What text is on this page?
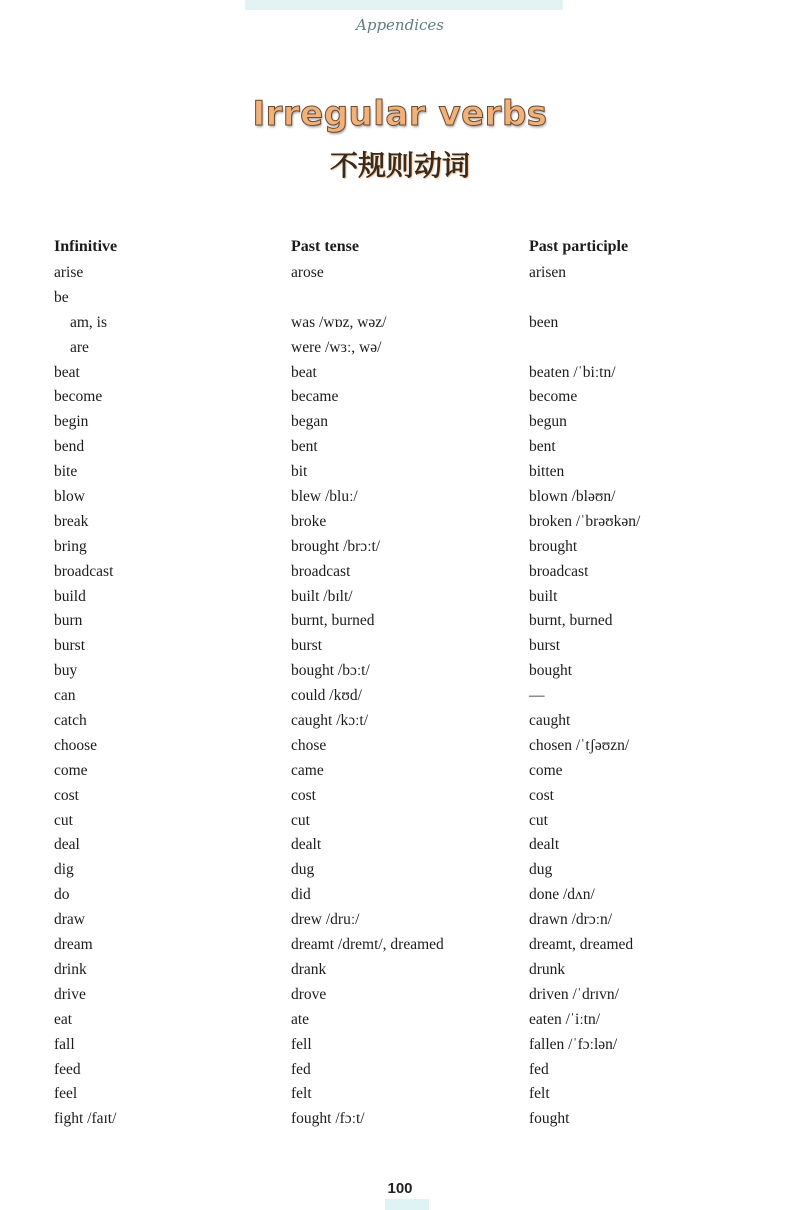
Appendices
Irregular verbs
不规则动词
Infinitive	Past tense	Past participle
arise	arose	arisen
be
am, is	was /wɒz, wəz/	been
are	were /wɜː, wə/
beat	beat	beaten /ˈbiːtn/
become	became	become
begin	began	begun
bend	bent	bent
bite	bit	bitten
blow	blew /bluː/	blown /bləʊn/
break	broke	broken /ˈbrəʊkən/
bring	brought /brɔːt/	brought
broadcast	broadcast	broadcast
build	built /bɪlt/	built
burn	burnt, burned	burnt, burned
burst	burst	burst
buy	bought /bɔːt/	bought
can	could /kʊd/	—
catch	caught /kɔːt/	caught
choose	chose	chosen /ˈtʃəʊzn/
come	came	come
cost	cost	cost
cut	cut	cut
deal	dealt	dealt
dig	dug	dug
do	did	done /dʌn/
draw	drew /druː/	drawn /drɔːn/
dream	dreamt /dremt/, dreamed	dreamt, dreamed
drink	drank	drunk
drive	drove	driven /ˈdrɪvn/
eat	ate	eaten /ˈiːtn/
fall	fell	fallen /ˈfɔːlən/
feed	fed	fed
feel	felt	felt
fight /faɪt/	fought /fɔːt/	fought
100
